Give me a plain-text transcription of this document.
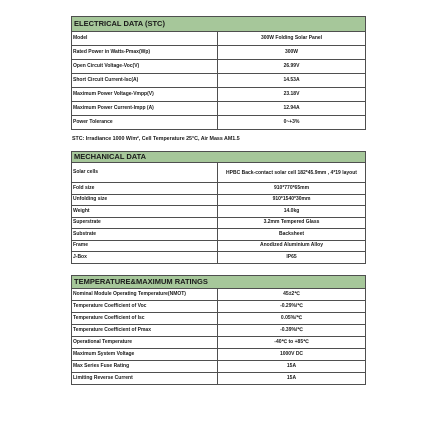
ELECTRICAL DATA (STC)	
Model	300W Folding Solar Panel
Rated Power in Watts-Pmax(Wp)	300W
Open Circuit Voltage-Voc(V)	26.99V
Short Circuit Current-Isc(A)	14.53A
Maximum Power Voltage-Vmpp(V)	23.18V
Maximum Power Current-Impp (A)	12.94A
Power Tolerance	0~+3%
STC: Irradiance 1000 W/m², Cell Temperature 25°C, Air Mass AM1.5
MECHANICAL DATA	
Solar cells	HPBC Back-contact solar cell 182*45.9mm , 4*19 layout
Fold size	910*770*65mm
Unfolding size	910*1540*30mm
Weight	14.0kg
Superstrate	3.2mm Tempered Glass
Substrate	Backsheet
Frame	Anodized Aluminium Alloy
J-Box	IP65
TEMPERATURE&MAXIMUM RATINGS	
Nominal Module Operating Temperature(NMOT)	45±2℃
Temperature Coefficient of Voc	-0.29%/℃
Temperature Coefficient of Isc	0.05%/℃
Temperature Coefficient of Pmax	-0.39%/℃
Operational Temperature	-40℃ to +85℃
Maximum System Voltage	1000V DC
Max Series Fuse Rating	15A
Limiting Reverse Current	15A
